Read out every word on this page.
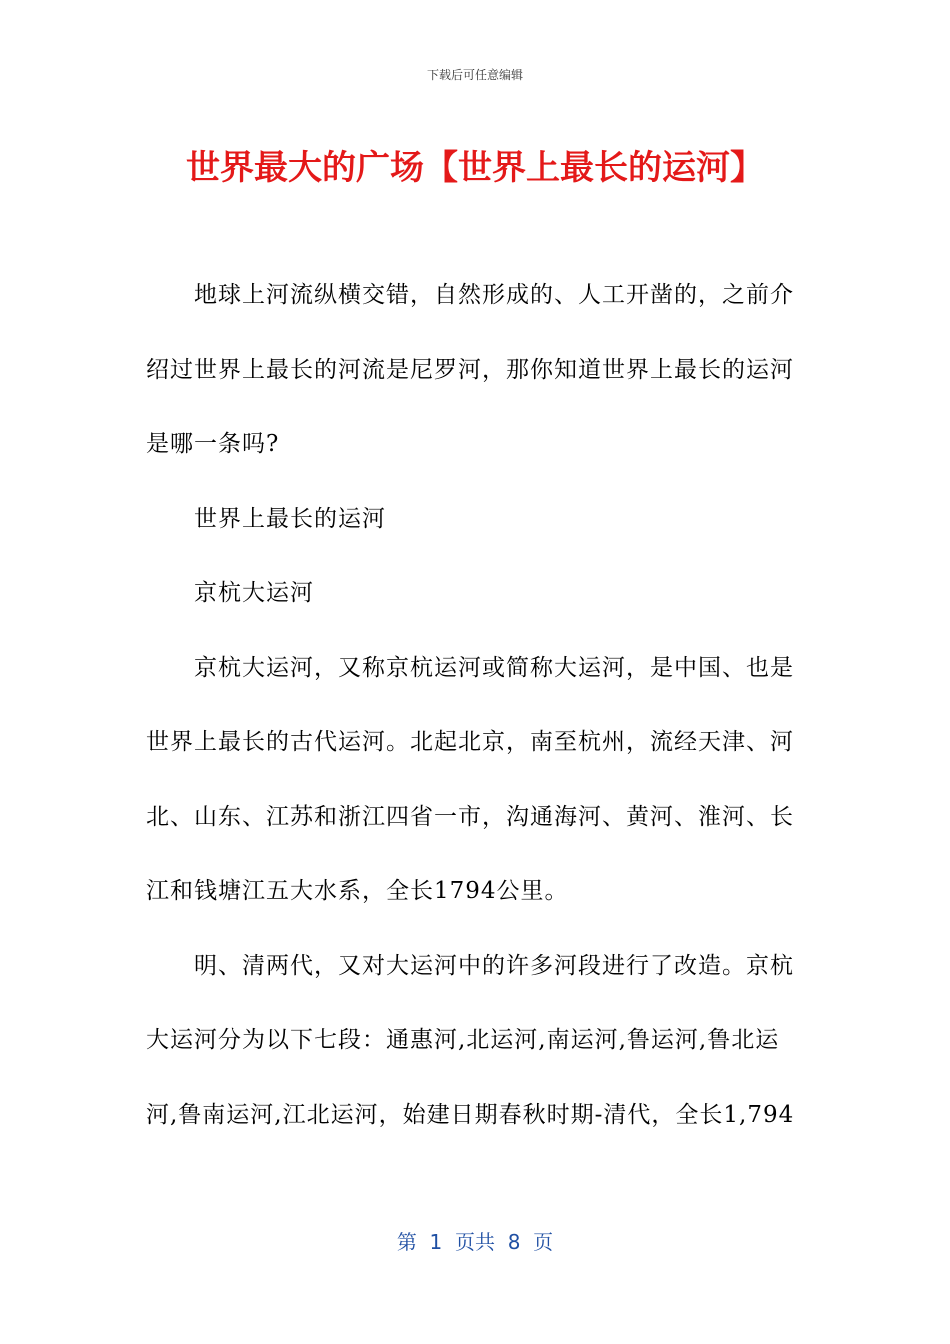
下载后可任意编辑
世界最大的广场【世界上最长的运河】

地球上河流纵横交错，自然形成的、人工开凿的，之前介绍过世界上最长的河流是尼罗河，那你知道世界上最长的运河是哪一条吗?

世界上最长的运河

京杭大运河

京杭大运河，又称京杭运河或简称大运河，是中国、也是世界上最长的古代运河。北起北京，南至杭州，流经天津、河北、山东、江苏和浙江四省一市，沟通海河、黄河、淮河、长江和钱塘江五大水系，全长1794公里。

明、清两代，又对大运河中的许多河段进行了改造。京杭大运河分为以下七段：通惠河,北运河,南运河,鲁运河,鲁北运河,鲁南运河,江北运河，始建日期春秋时期-清代，全长1,794

第  1  页共  8  页
